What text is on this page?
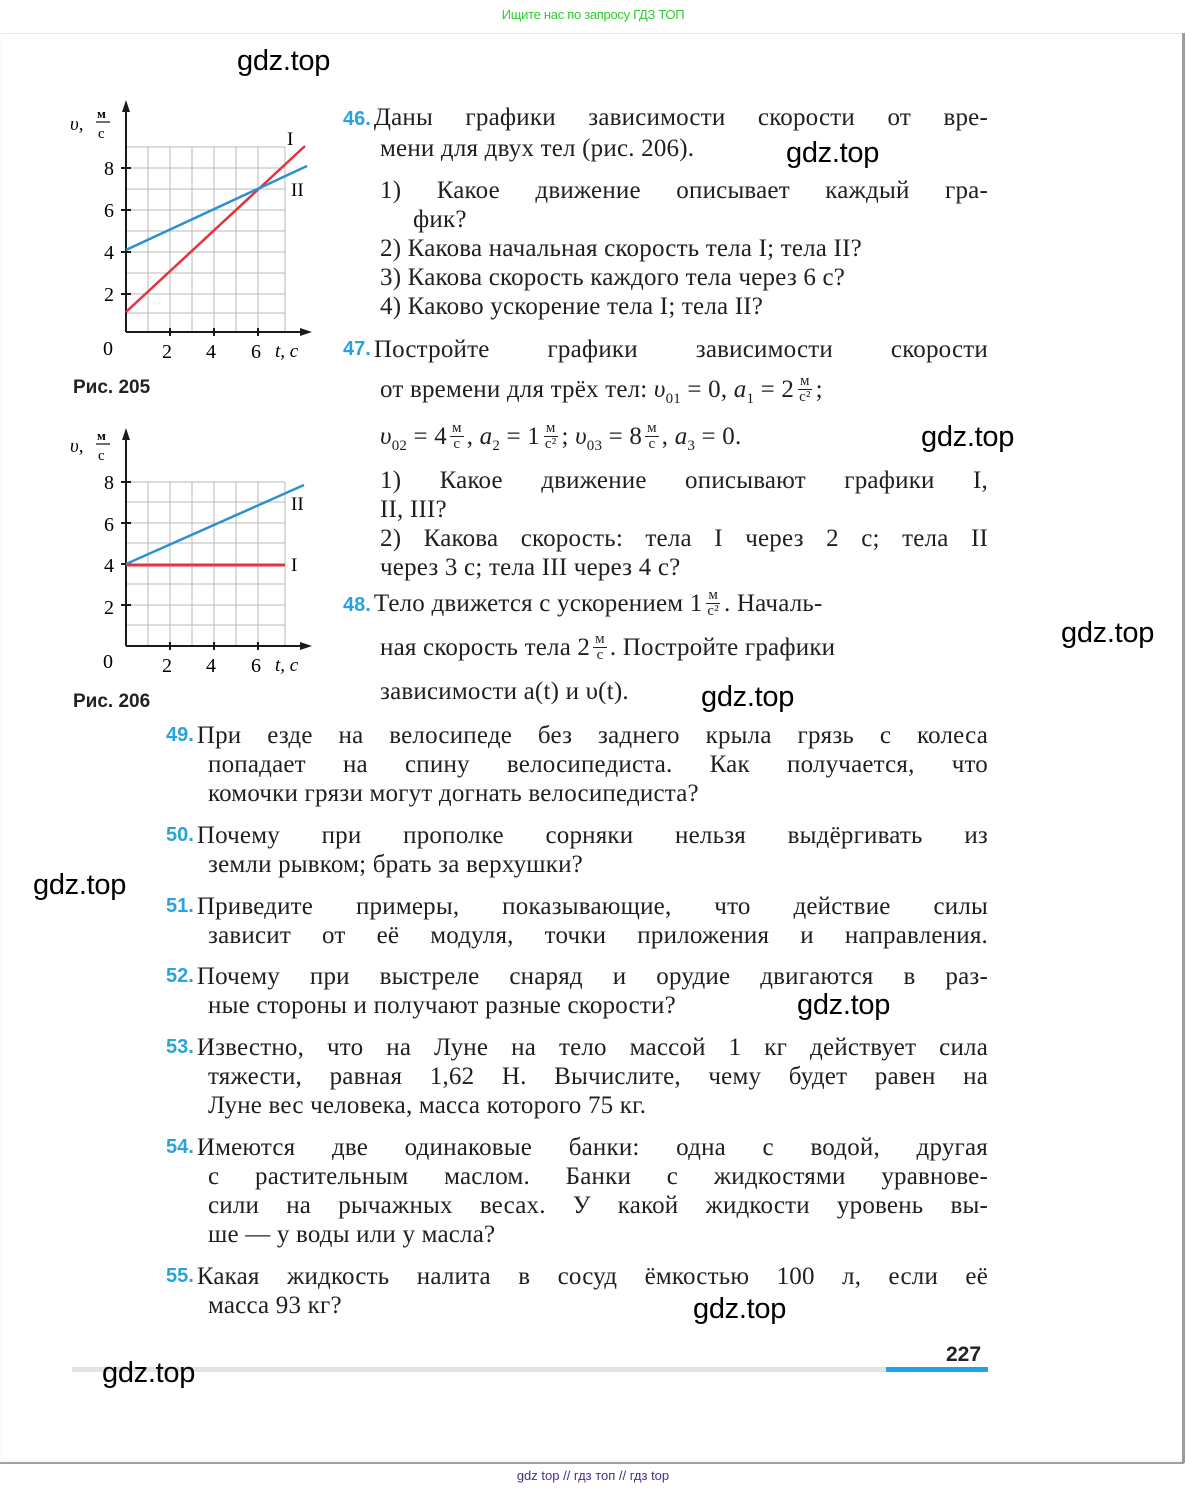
Ищите нас по запросу ГДЗ ТОП
υ,
м
с
8
6
4
2
0 2 4 6 t, с
I
II
Рис. 205
υ,
м
с
8
6
4
2
0 2 4 6 t, с
I
II
Рис. 206
46. Даны графики зависимости скорости от вре-
мени для двух тел (рис. 206).
1) Какое движение описывает каждый гра-
фик?
2) Какова начальная скорость тела I; тела II?
3) Какова скорость каждого тела через 6 с?
4) Каково ускорение тела I; тела II?
47. Постройте графики зависимости скорости
от времени для трёх тел: $\upsilon_{01} = 0$, $a_1 = 2 \frac{м}{\text{с²}}$ ;
$\upsilon_{02} = 4 \frac{м}{с}$ , $a_2 = 1 \frac{м}{\text{с²}}$ ; $\upsilon_{03} = 8 \frac{м}{с}$ , $a_3 = 0$.
1) Какое движение описывают графики I,
II, III?
2) Какова скорость: тела I через 2 с; тела II
через 3 с; тела III через 4 с?
48. Тело движется с ускорением $1 \frac{м}{\text{с²}}$ . Началь-
ная скорость тела $2 \frac{м}{с}$ . Постройте графики
зависимости a(t) и υ(t).
49. При езде на велосипеде без заднего крыла грязь с колеса
попадает на спину велосипедиста. Как получается, что
комочки грязи могут догнать велосипедиста?
50. Почему при прополке сорняки нельзя выдёргивать из
земли рывком; брать за верхушки?
51. Приведите примеры, показывающие, что действие силы
зависит от её модуля, точки приложения и направления.
52. Почему при выстреле снаряд и орудие двигаются в раз-
ные стороны и получают разные скорости?
53. Известно, что на Луне на тело массой 1 кг действует сила
тяжести, равная 1,62 Н. Вычислите, чему будет равен на
Луне вес человека, масса которого 75 кг.
54. Имеются две одинаковые банки: одна с водой, другая
с растительным маслом. Банки с жидкостями уравнове-
сили на рычажных весах. У какой жидкости уровень вы-
ше — у воды или у масла?
55. Какая жидкость налита в сосуд ёмкостью 100 л, если её
масса 93 кг?
227
gdz.top
gdz.top
gdz.top
gdz.top
gdz.top
gdz.top
gdz.top
gdz.top
gdz.top
gdz top // гдз топ // гдз top
